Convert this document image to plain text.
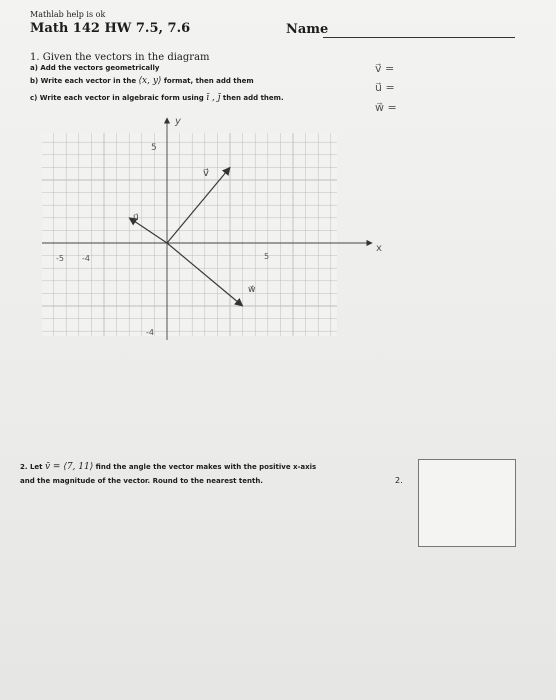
Mathlab help is ok
Math 142 HW 7.5, 7.6	Name
1. Given the vectors in the diagram
a) Add the vectors geometrically
b) Write each vector in the ⟨x, y⟩ format, then add them
c) Write each vector in algebraic form using ī , j̄ then add them.
v⃗ =
u⃗ =
w⃗ =
y
x
5
-4
-5 -4	5
v⃗
u⃗
w⃗
2. Let v̄ = ⟨7, 11⟩ find the angle the vector makes with the positive x-axis
and the magnitude of the vector. Round to the nearest tenth.	2.
